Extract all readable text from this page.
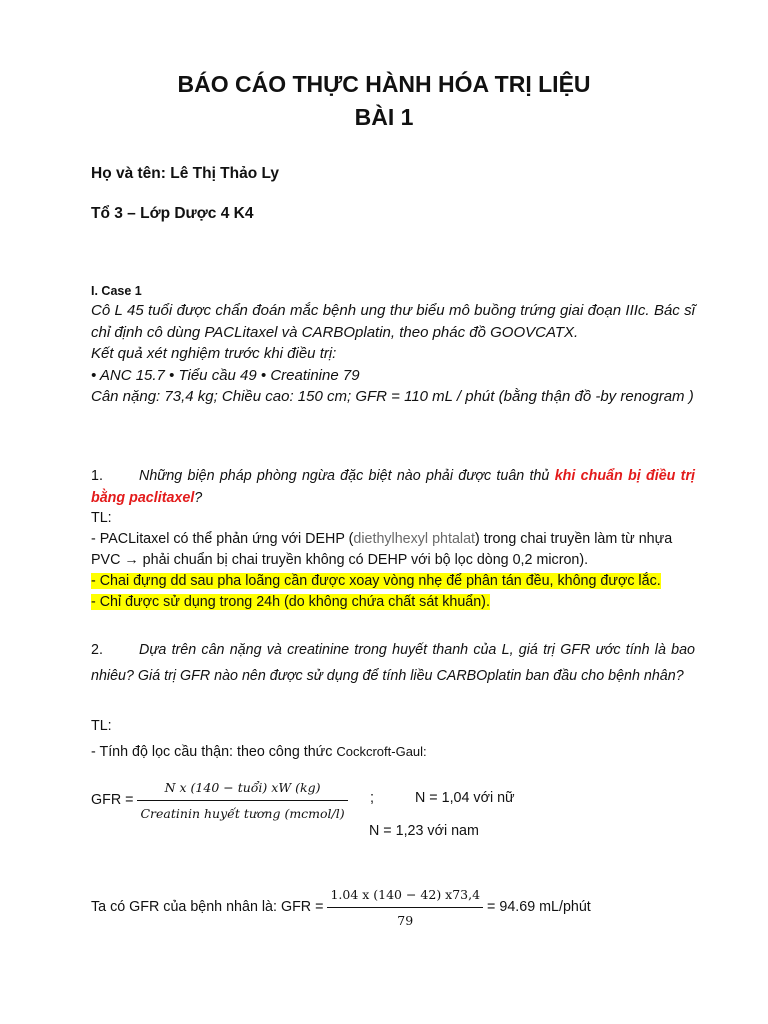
BÁO CÁO THỰC HÀNH HÓA TRỊ LIỆU
BÀI 1
Họ và tên: Lê Thị Thảo Ly
Tổ 3 – Lớp Dược 4 K4
I. Case 1
Cô L 45 tuổi được chẩn đoán mắc bệnh ung thư biểu mô buồng trứng giai đoạn IIIc. Bác sĩ chỉ định cô dùng PACLitaxel và CARBOplatin, theo phác đồ GOOVCATX.
Kết quả xét nghiệm trước khi điều trị:
• ANC 15.7 • Tiểu cầu 49 • Creatinine 79
Cân nặng: 73,4 kg; Chiều cao: 150 cm; GFR = 110 mL / phút (bằng thận đồ -by renogram )
1.	Những biện pháp phòng ngừa đặc biệt nào phải được tuân thủ khi chuẩn bị điều trị bằng paclitaxel?
TL:
- PACLitaxel có thể phản ứng với DEHP (diethylhexyl phtalat) trong chai truyền làm từ nhựa PVC → phải chuẩn bị chai truyền không có DEHP với bộ lọc dòng 0,2 micron).
- Chai đựng dd sau pha loãng cần được xoay vòng nhẹ để phân tán đều, không được lắc.
- Chỉ được sử dụng trong 24h (do không chứa chất sát khuẩn).
2.	Dựa trên cân nặng và creatinine trong huyết thanh của L, giá trị GFR ước tính là bao nhiêu? Giá trị GFR nào nên được sử dụng để tính liều CARBOplatin ban đầu cho bệnh nhân?
TL:
- Tính độ lọc cầu thận: theo công thức Cockcroft-Gaul:
GFR = $\frac{\text{N x (140 − tuổi) xW (kg)}}{\text{Creatinin huyết tương (mcmol/l)}}$ ;	N = 1,04 với nữ
N = 1,23 với nam
Ta có GFR của bệnh nhân là: GFR = $\frac{1.04 x (140 - 42) x73,4}{79} = 94.69$ mL/phút
